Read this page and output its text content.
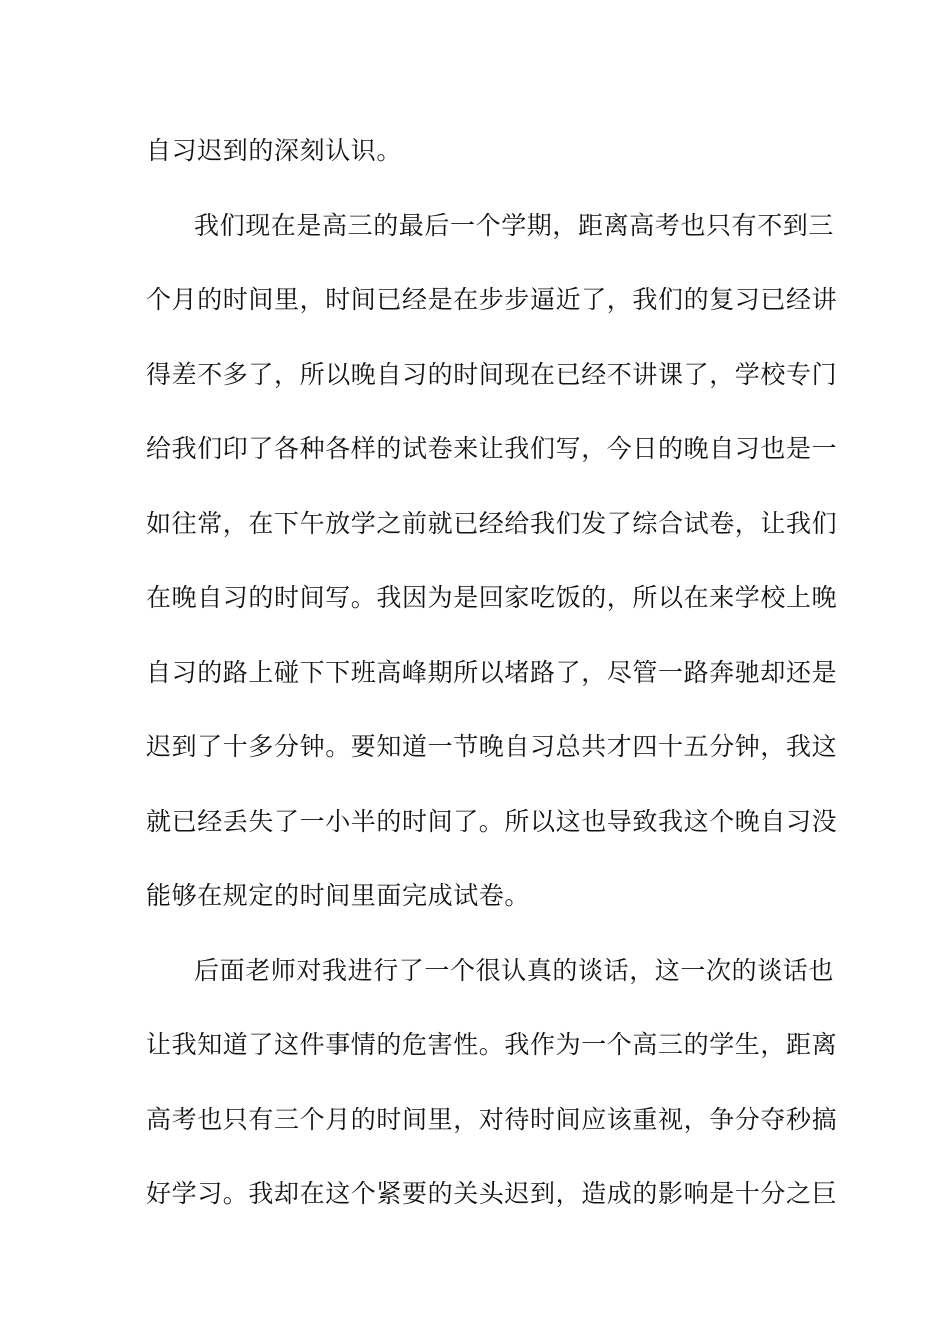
自习迟到的深刻认识。
我们现在是高三的最后一个学期，距离高考也只有不到三
个月的时间里，时间已经是在步步逼近了，我们的复习已经讲
得差不多了，所以晚自习的时间现在已经不讲课了，学校专门
给我们印了各种各样的试卷来让我们写，今日的晚自习也是一
如往常，在下午放学之前就已经给我们发了综合试卷，让我们
在晚自习的时间写。我因为是回家吃饭的，所以在来学校上晚
自习的路上碰下下班高峰期所以堵路了，尽管一路奔驰却还是
迟到了十多分钟。要知道一节晚自习总共才四十五分钟，我这
就已经丢失了一小半的时间了。所以这也导致我这个晚自习没
能够在规定的时间里面完成试卷。
后面老师对我进行了一个很认真的谈话，这一次的谈话也
让我知道了这件事情的危害性。我作为一个高三的学生，距离
高考也只有三个月的时间里，对待时间应该重视，争分夺秒搞
好学习。我却在这个紧要的关头迟到，造成的影响是十分之巨
